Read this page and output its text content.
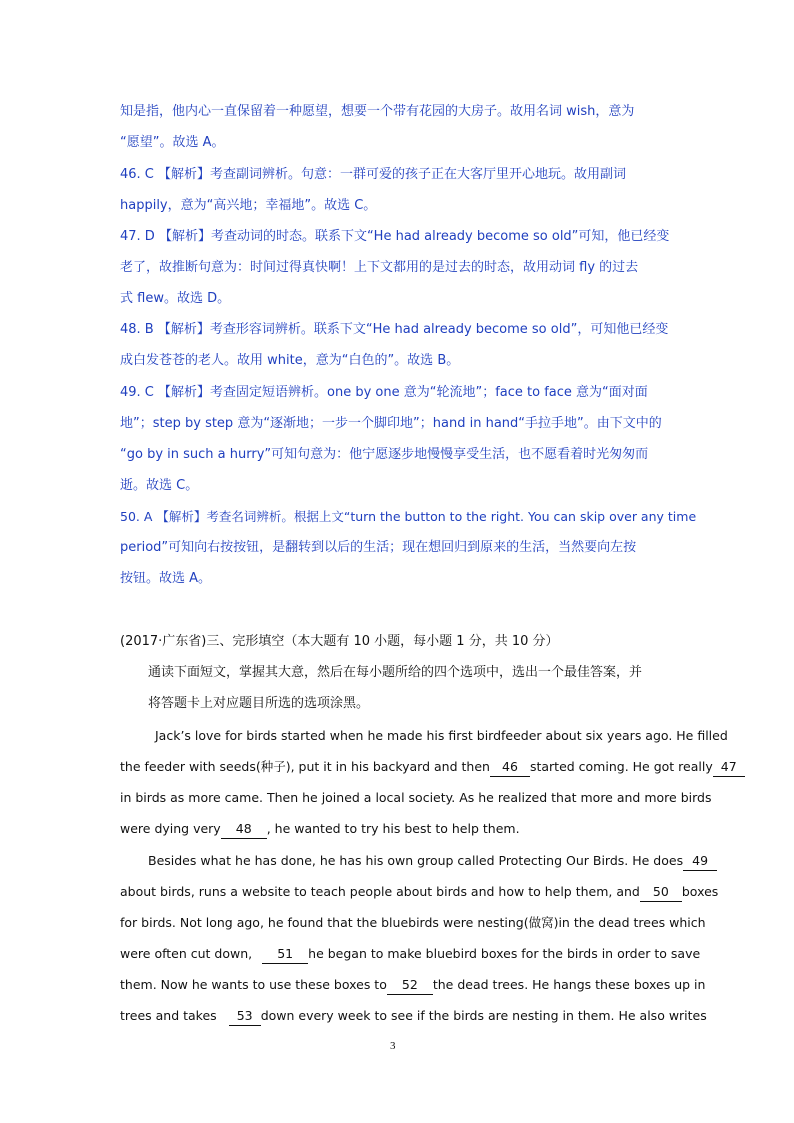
知是指，他内心一直保留着一种愿望，想要一个带有花园的大房子。故用名词 wish，意为
“愿望”。故选 A。
46. C 【解析】考查副词辨析。句意：一群可爱的孩子正在大客厅里开心地玩。故用副词
happily，意为“高兴地；幸福地”。故选 C。
47. D 【解析】考查动词的时态。联系下文“He had already become so old”可知，他已经变
老了，故推断句意为：时间过得真快啊！上下文都用的是过去的时态，故用动词 fly 的过去
式 flew。故选 D。
48. B 【解析】考查形容词辨析。联系下文“He had already become so old”，可知他已经变
成白发苍苍的老人。故用 white，意为“白色的”。故选 B。
49. C 【解析】考查固定短语辨析。one by one 意为“轮流地”；face to face 意为“面对面
地”；step by step 意为“逐渐地；一步一个脚印地”；hand in hand“手拉手地”。由下文中的
“go by in such a hurry”可知句意为：他宁愿逐步地慢慢享受生活，也不愿看着时光匆匆而
逝。故选 C。
50. A 【解析】考查名词辨析。根据上文“turn the button to the right. You can skip over any time
period”可知向右按按钮，是翻转到以后的生活；现在想回归到原来的生活，当然要向左按
按钮。故选 A。
(2017·广东省)三、完形填空（本大题有 10 小题，每小题 1 分，共 10 分）
通读下面短文，掌握其大意，然后在每小题所给的四个选项中，选出一个最佳答案，并
将答题卡上对应题目所选的选项涂黑。
Jack’s love for birds started when he made his first birdfeeder about six years ago. He filled
the feeder with seeds(种子), put it in his backyard and then 46 started coming. He got really 47
in birds as more came. Then he joined a local society. As he realized that more and more birds
were dying very 48 , he wanted to try his best to help them.
Besides what he has done, he has his own group called Protecting Our Birds. He does 49
about birds, runs a website to teach people about birds and how to help them, and 50 boxes
for birds. Not long ago, he found that the bluebirds were nesting(做窝)in the dead trees which
were often cut down, 51 he began to make bluebird boxes for the birds in order to save
them. Now he wants to use these boxes to 52 the dead trees. He hangs these boxes up in
trees and takes 53 down every week to see if the birds are nesting in them. He also writes
3
